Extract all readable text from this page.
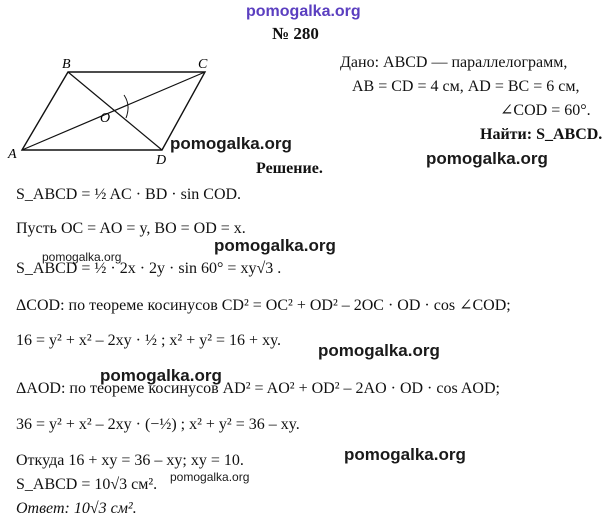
pomogalka.org
pomogalka.org
pomogalka.org
pomogalka.org
pomogalka.org
pomogalka.org
pomogalka.org
pomogalka.org
pomogalka.org
№ 280
A
B	C
D
O
Дано: ABCD — параллелограмм,
AB = CD = 4 см, AD = BC = 6 см,
∠COD = 60°.
Найти: S_ABCD.
Решение.
S_ABCD = ½ AC · BD · sin COD.
Пусть OC = AO = y, BO = OD = x.
S_ABCD = ½ · 2x · 2y · sin 60° = xy√3 .
ΔCOD: по теореме косинусов CD² = OC² + OD² – 2OC · OD · cos ∠COD;
16 = y² + x² – 2xy · ½ ; x² + y² = 16 + xy.
ΔAOD: по теореме косинусов AD² = AO² + OD² – 2AO · OD · cos AOD;
36 = y² + x² – 2xy · (−½) ; x² + y² = 36 – xy.
Откуда 16 + xy = 36 – xy; xy = 10.
S_ABCD = 10√3 см².
Ответ: 10√3 см².
